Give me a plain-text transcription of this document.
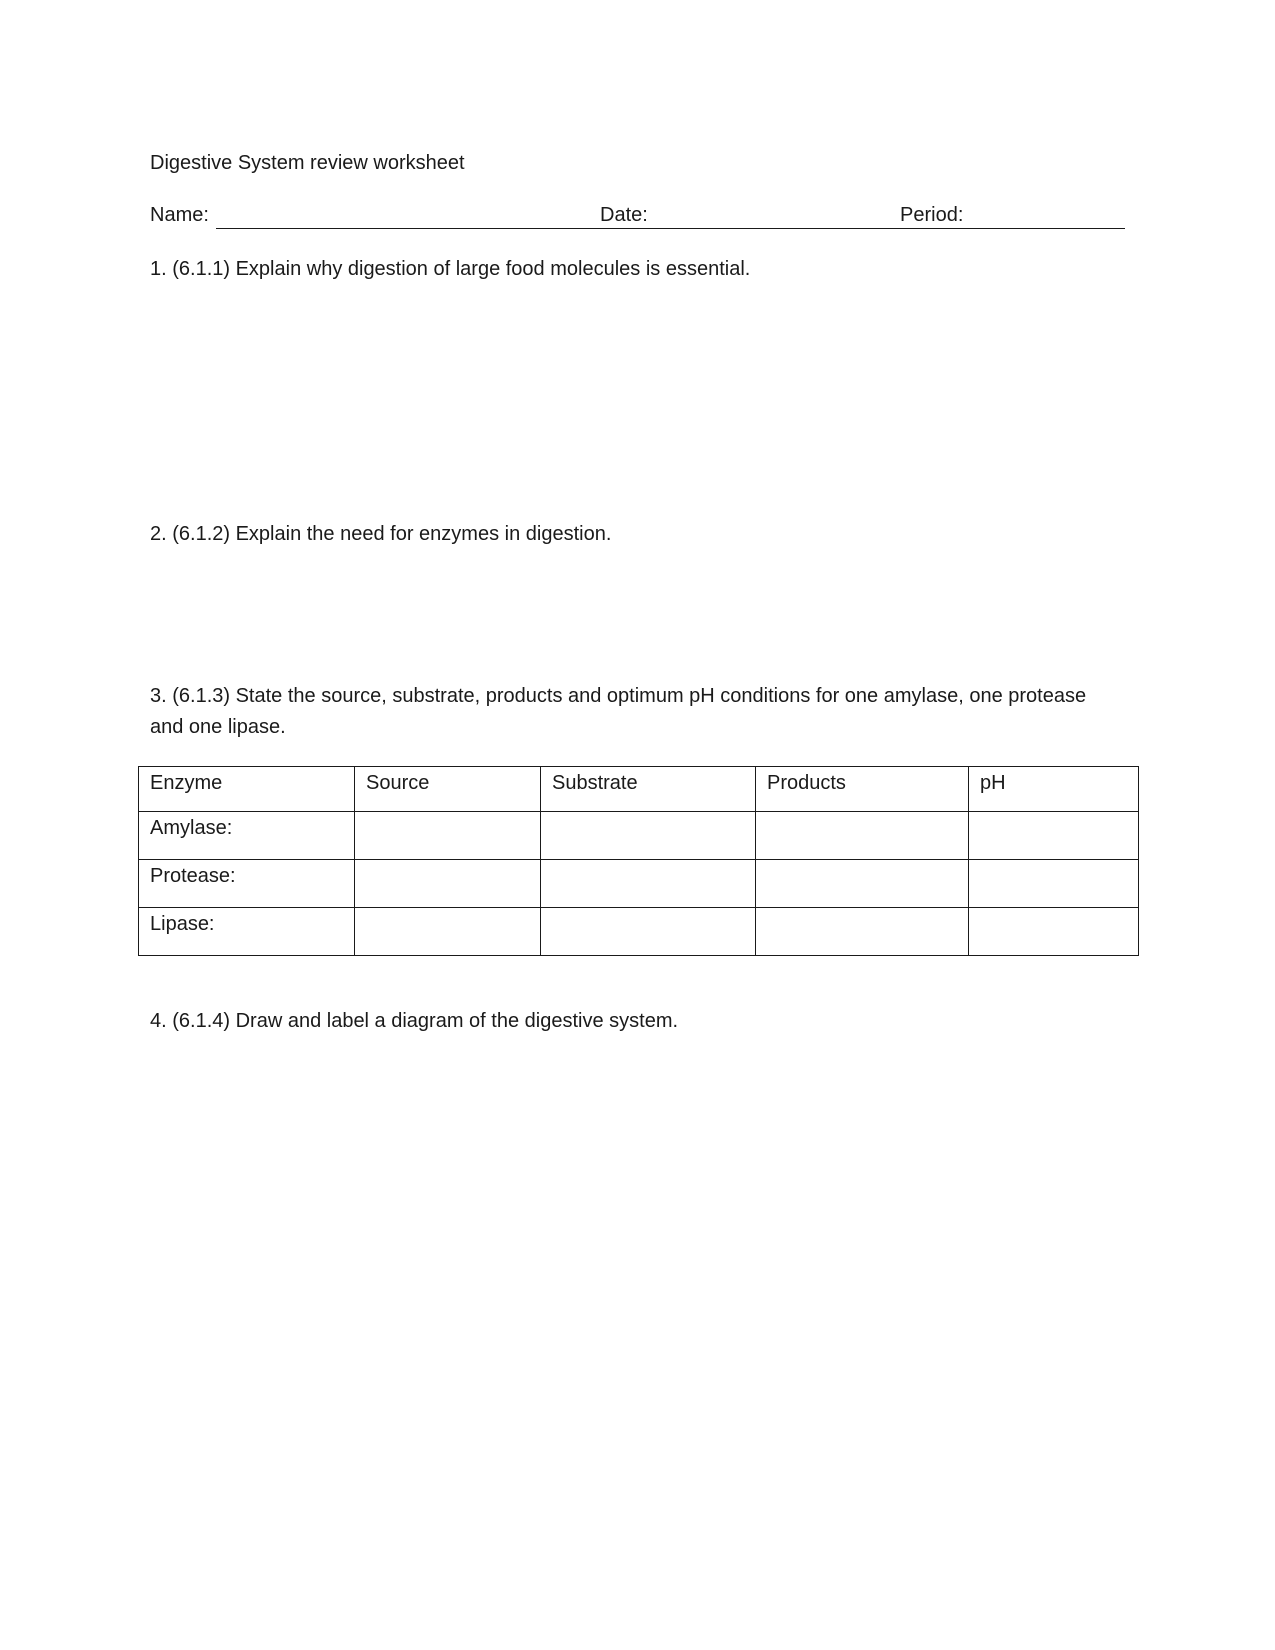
Digestive System review worksheet
Name:	Date:	Period:
1. (6.1.1) Explain why digestion of large food molecules is essential.
2. (6.1.2) Explain the need for enzymes in digestion.
3. (6.1.3) State the source, substrate, products and optimum pH conditions for one amylase, one protease and one lipase.
Enzyme	Source	Substrate	Products	pH
Amylase:				
Protease:				
Lipase:				
4. (6.1.4) Draw and label a diagram of the digestive system.
